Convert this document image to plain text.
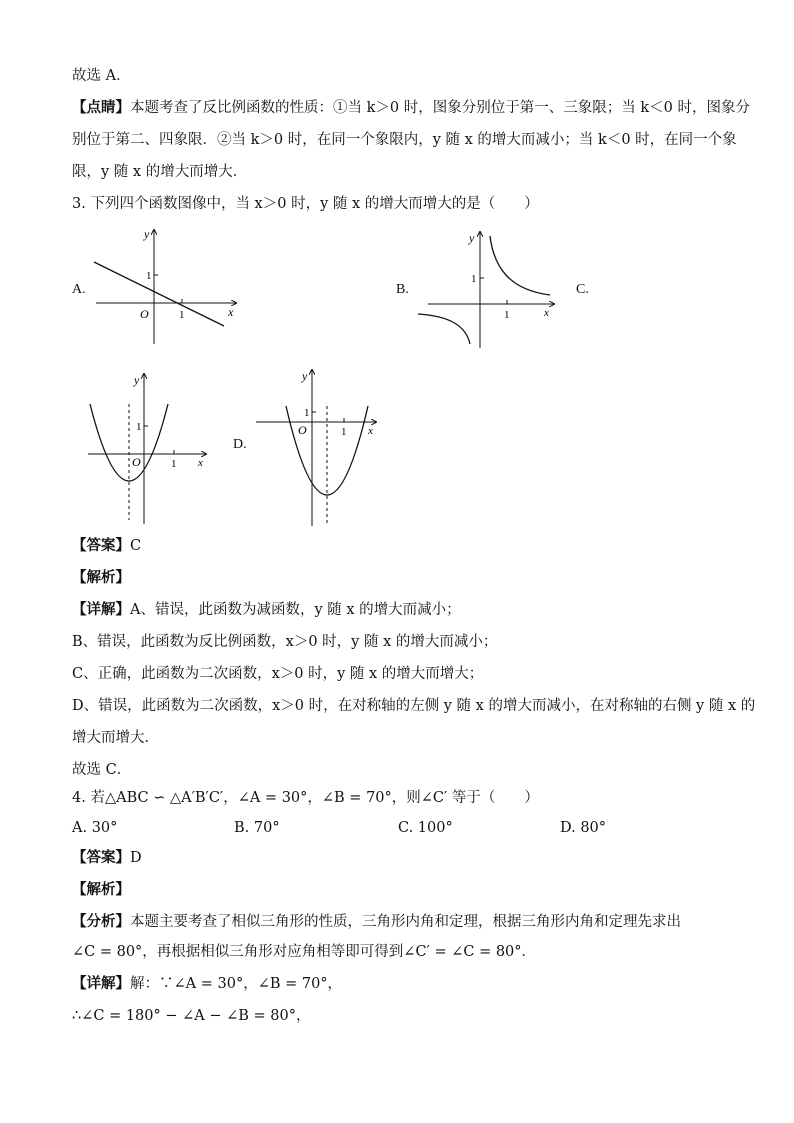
故选 A．
【点睛】本题考查了反比例函数的性质：①当 k＞0 时，图象分别位于第一、三象限；当 k＜0 时，图象分
别位于第二、四象限．②当 k＞0 时，在同一个象限内，y 随 x 的增大而减小；当 k＜0 时，在同一个象
限，y 随 x 的增大而增大．
3. 下列四个函数图像中，当 x＞0 时，y 随 x 的增大而增大的是（　　）
A.	B.	C.
D.
y
x
O
1
1
y
x
1
1
y
x
O
1
1
y
x
O
1
1
【答案】C
【解析】
【详解】A、错误，此函数为减函数，y 随 x 的增大而减小；
B、错误，此函数为反比例函数，x＞0 时，y 随 x 的增大而减小；
C、正确，此函数为二次函数，x＞0 时，y 随 x 的增大而增大；
D、错误，此函数为二次函数，x＞0 时，在对称轴的左侧 y 随 x 的增大而减小，在对称轴的右侧 y 随 x 的
增大而增大．
故选 C．
4. 若△ABC ∽ △A′B′C′，∠A = 30°，∠B = 70°，则∠C′ 等于（　　）
A. 30°	B. 70°	C. 100°	D. 80°
【答案】D
【解析】
【分析】本题主要考查了相似三角形的性质，三角形内角和定理，根据三角形内角和定理先求出
∠C = 80°，再根据相似三角形对应角相等即可得到∠C′ = ∠C = 80°．
【详解】解：∵∠A = 30°，∠B = 70°，
∴∠C = 180° − ∠A − ∠B = 80°，
